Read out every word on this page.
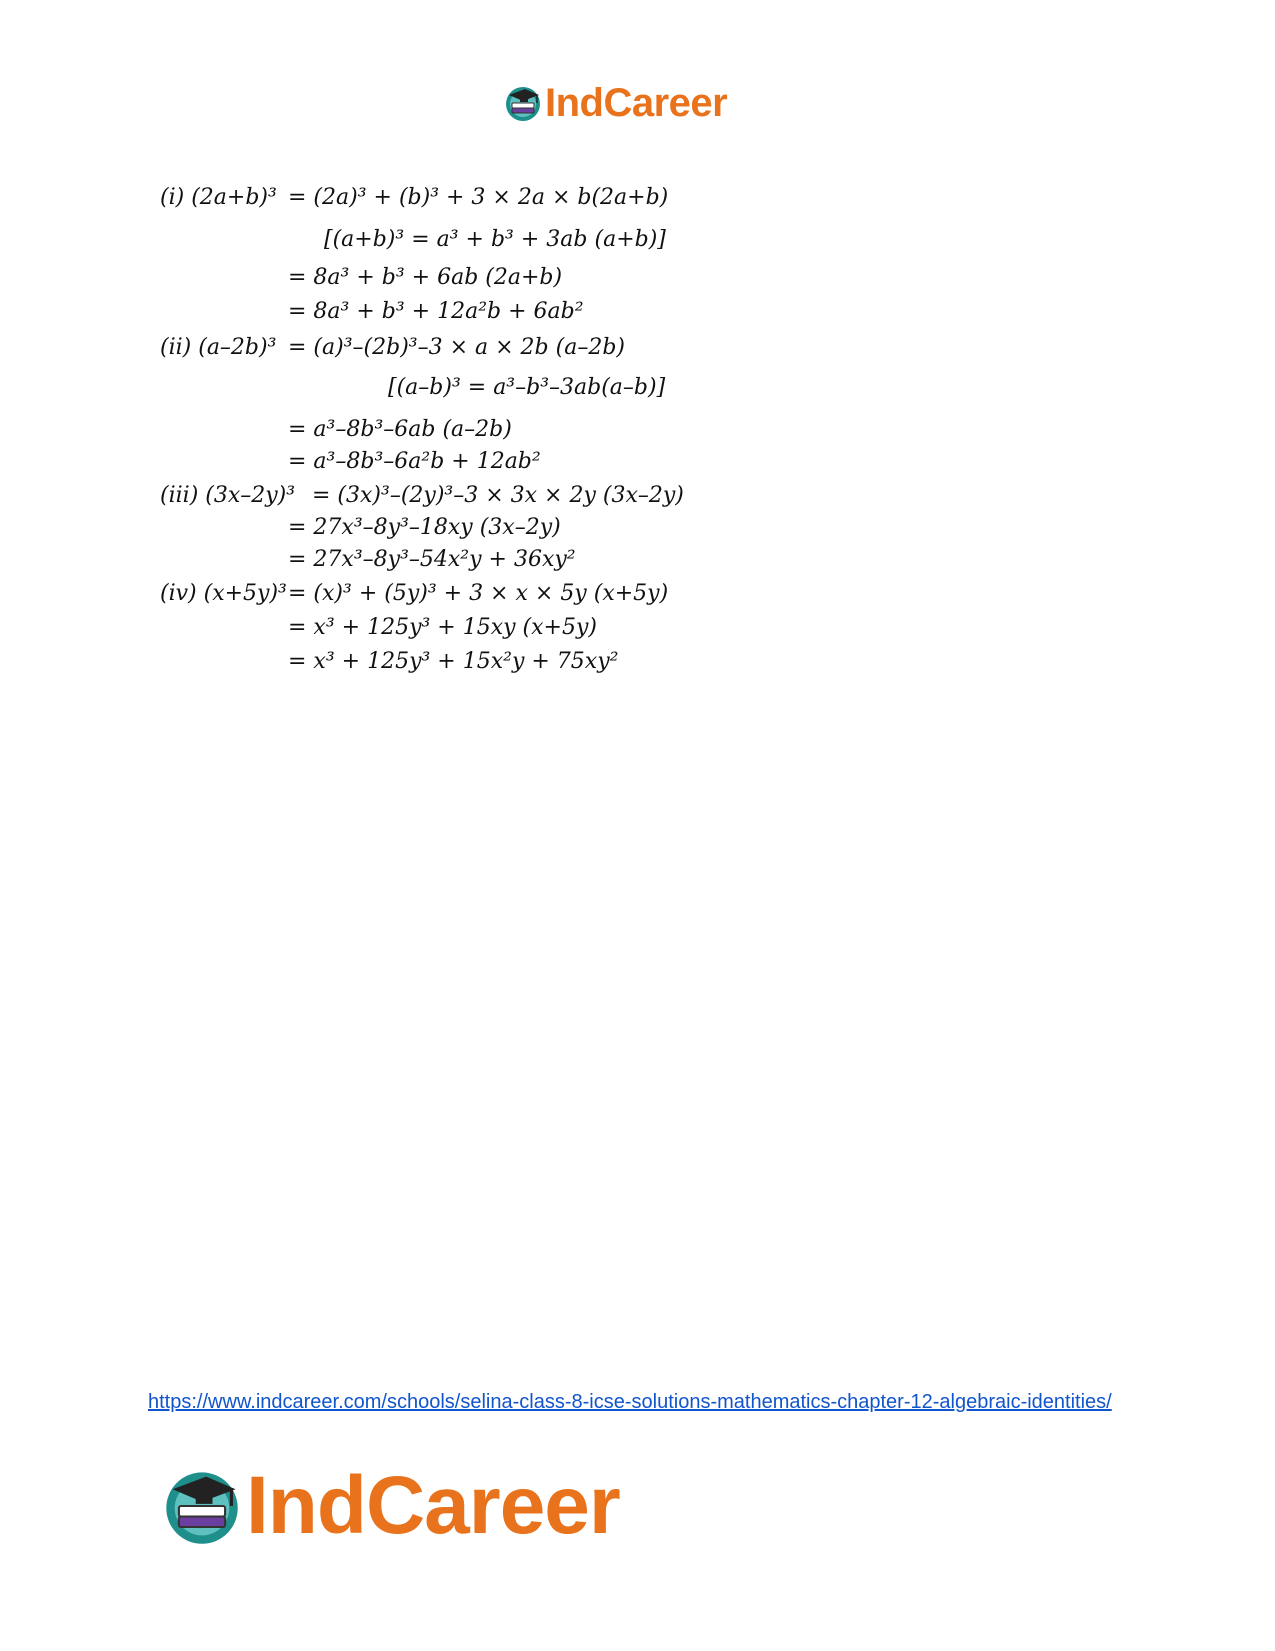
IndCareer
(i) (2a+b)³ = (2a)³ + (b)³ + 3 × 2a × b(2a+b)
[(a+b)³ = a³ + b³ + 3ab (a+b)]
= 8a³ + b³ + 6ab (2a+b)
= 8a³ + b³ + 12a²b + 6ab²
(ii) (a–2b)³ = (a)³–(2b)³–3 × a × 2b (a–2b)
[(a–b)³ = a³–b³–3ab(a–b)]
= a³–8b³–6ab (a–2b)
= a³–8b³–6a²b + 12ab²
(iii) (3x–2y)³ = (3x)³–(2y)³–3 × 3x × 2y (3x–2y)
= 27x³–8y³–18xy (3x–2y)
= 27x³–8y³–54x²y + 36xy²
(iv) (x+5y)³ = (x)³ + (5y)³ + 3 × x × 5y (x+5y)
= x³ + 125y³ + 15xy (x+5y)
= x³ + 125y³ + 15x²y + 75xy²
https://www.indcareer.com/schools/selina-class-8-icse-solutions-mathematics-chapter-12-algebraic-identities/
IndCareer
